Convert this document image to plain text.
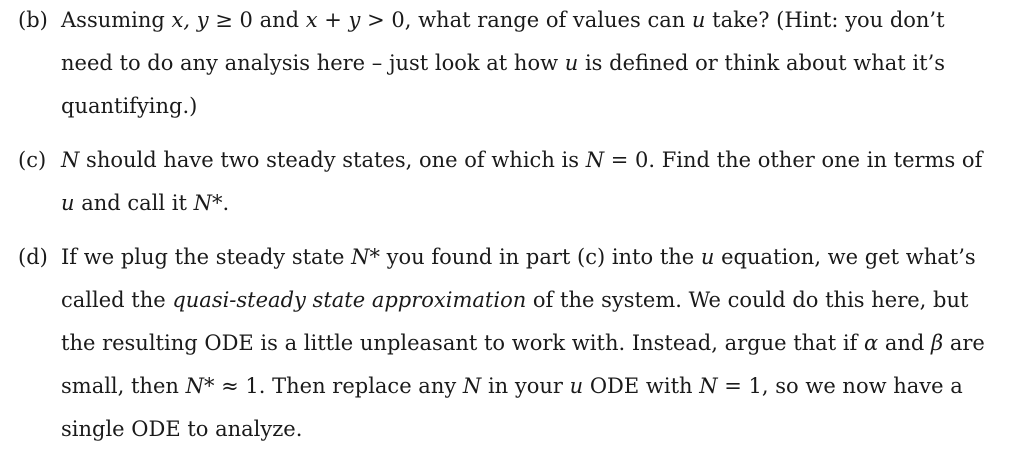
(b) Assuming x, y ≥ 0 and x + y > 0, what range of values can u take? (Hint: you don’t
need to do any analysis here – just look at how u is defined or think about what it’s
quantifying.)
(c) N should have two steady states, one of which is N = 0. Find the other one in terms of
u and call it N*.
(d) If we plug the steady state N* you found in part (c) into the u equation, we get what’s
called the quasi-steady state approximation of the system. We could do this here, but
the resulting ODE is a little unpleasant to work with. Instead, argue that if α and β are
small, then N* ≈ 1. Then replace any N in your u ODE with N = 1, so we now have a
single ODE to analyze.
